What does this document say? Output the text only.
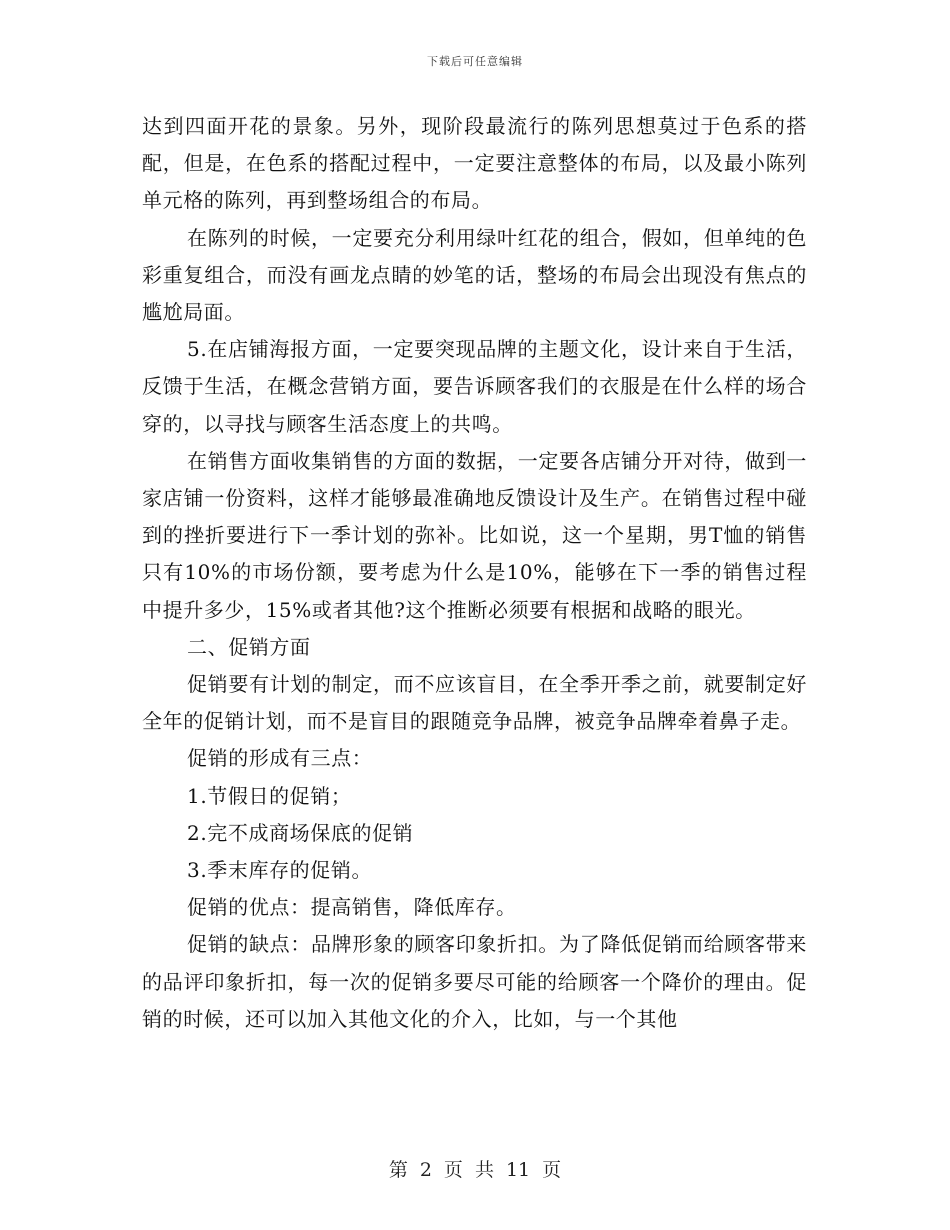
下载后可任意编辑

达到四面开花的景象。另外，现阶段最流行的陈列思想莫过于色系的搭配，但是，在色系的搭配过程中，一定要注意整体的布局，以及最小陈列单元格的陈列，再到整场组合的布局。

在陈列的时候，一定要充分利用绿叶红花的组合，假如，但单纯的色彩重复组合，而没有画龙点睛的妙笔的话，整场的布局会出现没有焦点的尴尬局面。

5.在店铺海报方面，一定要突现品牌的主题文化，设计来自于生活，反馈于生活，在概念营销方面，要告诉顾客我们的衣服是在什么样的场合穿的，以寻找与顾客生活态度上的共鸣。

在销售方面收集销售的方面的数据，一定要各店铺分开对待，做到一家店铺一份资料，这样才能够最准确地反馈设计及生产。在销售过程中碰到的挫折要进行下一季计划的弥补。比如说，这一个星期，男T恤的销售只有10%的市场份额，要考虑为什么是10%，能够在下一季的销售过程中提升多少，15%或者其他?这个推断必须要有根据和战略的眼光。

二、促销方面

促销要有计划的制定，而不应该盲目，在全季开季之前，就要制定好全年的促销计划，而不是盲目的跟随竞争品牌，被竞争品牌牵着鼻子走。

促销的形成有三点：

1.节假日的促销；

2.完不成商场保底的促销

3.季末库存的促销。

促销的优点：提高销售，降低库存。

促销的缺点：品牌形象的顾客印象折扣。为了降低促销而给顾客带来的品评印象折扣，每一次的促销多要尽可能的给顾客一个降价的理由。促销的时候，还可以加入其他文化的介入，比如，与一个其他

第 2 页 共 11 页
